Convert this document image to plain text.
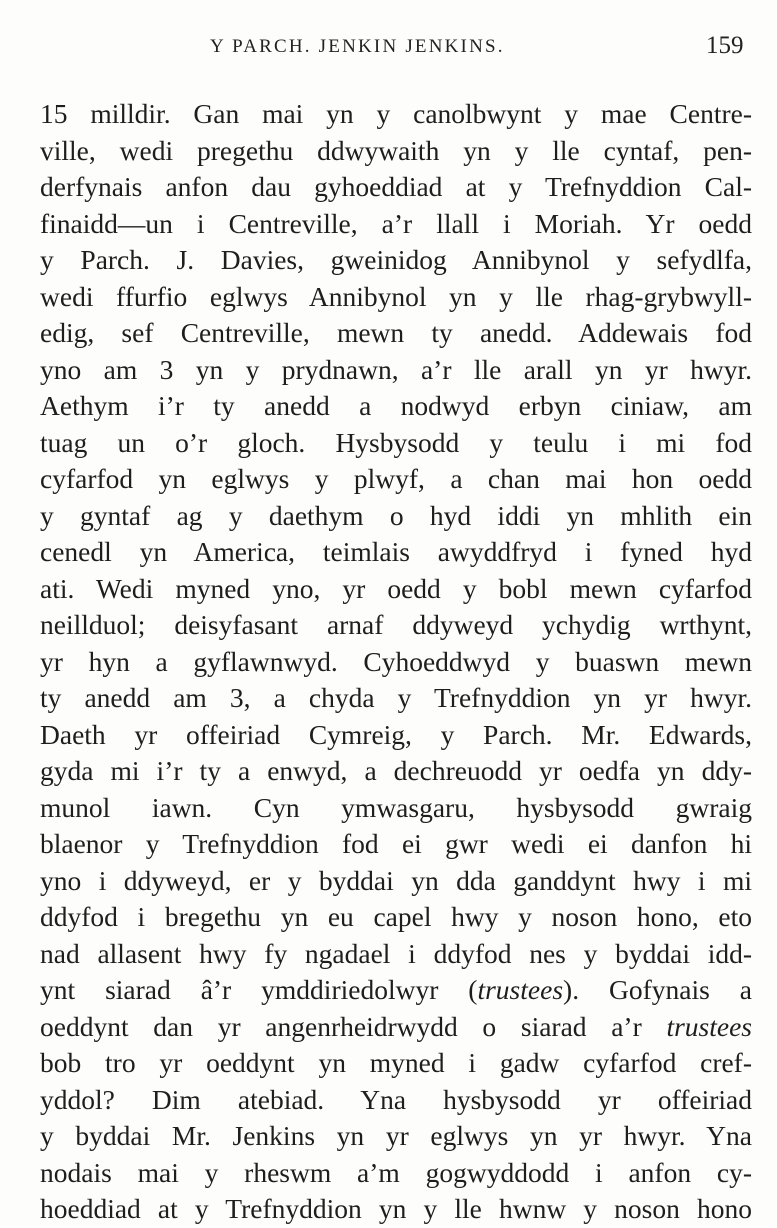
Y PARCH. JENKIN JENKINS.	159
15 milldir. Gan mai yn y canolbwynt y mae Centre-
ville, wedi pregethu ddwywaith yn y lle cyntaf, pen-
derfynais anfon dau gyhoeddiad at y Trefnyddion Cal-
finaidd—un i Centreville, a’r llall i Moriah. Yr oedd
y Parch. J. Davies, gweinidog Annibynol y sefydlfa,
wedi ffurfio eglwys Annibynol yn y lle rhag-grybwyll-
edig, sef Centreville, mewn ty anedd. Addewais fod
yno am 3 yn y prydnawn, a’r lle arall yn yr hwyr.
Aethym i’r ty anedd a nodwyd erbyn ciniaw, am
tuag un o’r gloch. Hysbysodd y teulu i mi fod
cyfarfod yn eglwys y plwyf, a chan mai hon oedd
y gyntaf ag y daethym o hyd iddi yn mhlith ein
cenedl yn America, teimlais awyddfryd i fyned hyd
ati. Wedi myned yno, yr oedd y bobl mewn cyfarfod
neillduol; deisyfasant arnaf ddyweyd ychydig wrthynt,
yr hyn a gyflawnwyd. Cyhoeddwyd y buaswn mewn
ty anedd am 3, a chyda y Trefnyddion yn yr hwyr.
Daeth yr offeiriad Cymreig, y Parch. Mr. Edwards,
gyda mi i’r ty a enwyd, a dechreuodd yr oedfa yn ddy-
munol iawn. Cyn ymwasgaru, hysbysodd gwraig
blaenor y Trefnyddion fod ei gwr wedi ei danfon hi
yno i ddyweyd, er y byddai yn dda ganddynt hwy i mi
ddyfod i bregethu yn eu capel hwy y noson hono, eto
nad allasent hwy fy ngadael i ddyfod nes y byddai idd-
ynt siarad â’r ymddiriedolwyr (trustees). Gofynais a
oeddynt dan yr angenrheidrwydd o siarad a’r trustees
bob tro yr oeddynt yn myned i gadw cyfarfod cref-
yddol? Dim atebiad. Yna hysbysodd yr offeiriad
y byddai Mr. Jenkins yn yr eglwys yn yr hwyr. Yna
nodais mai y rheswm a’m gogwyddodd i anfon cy-
hoeddiad at y Trefnyddion yn y lle hwnw y noson hono
